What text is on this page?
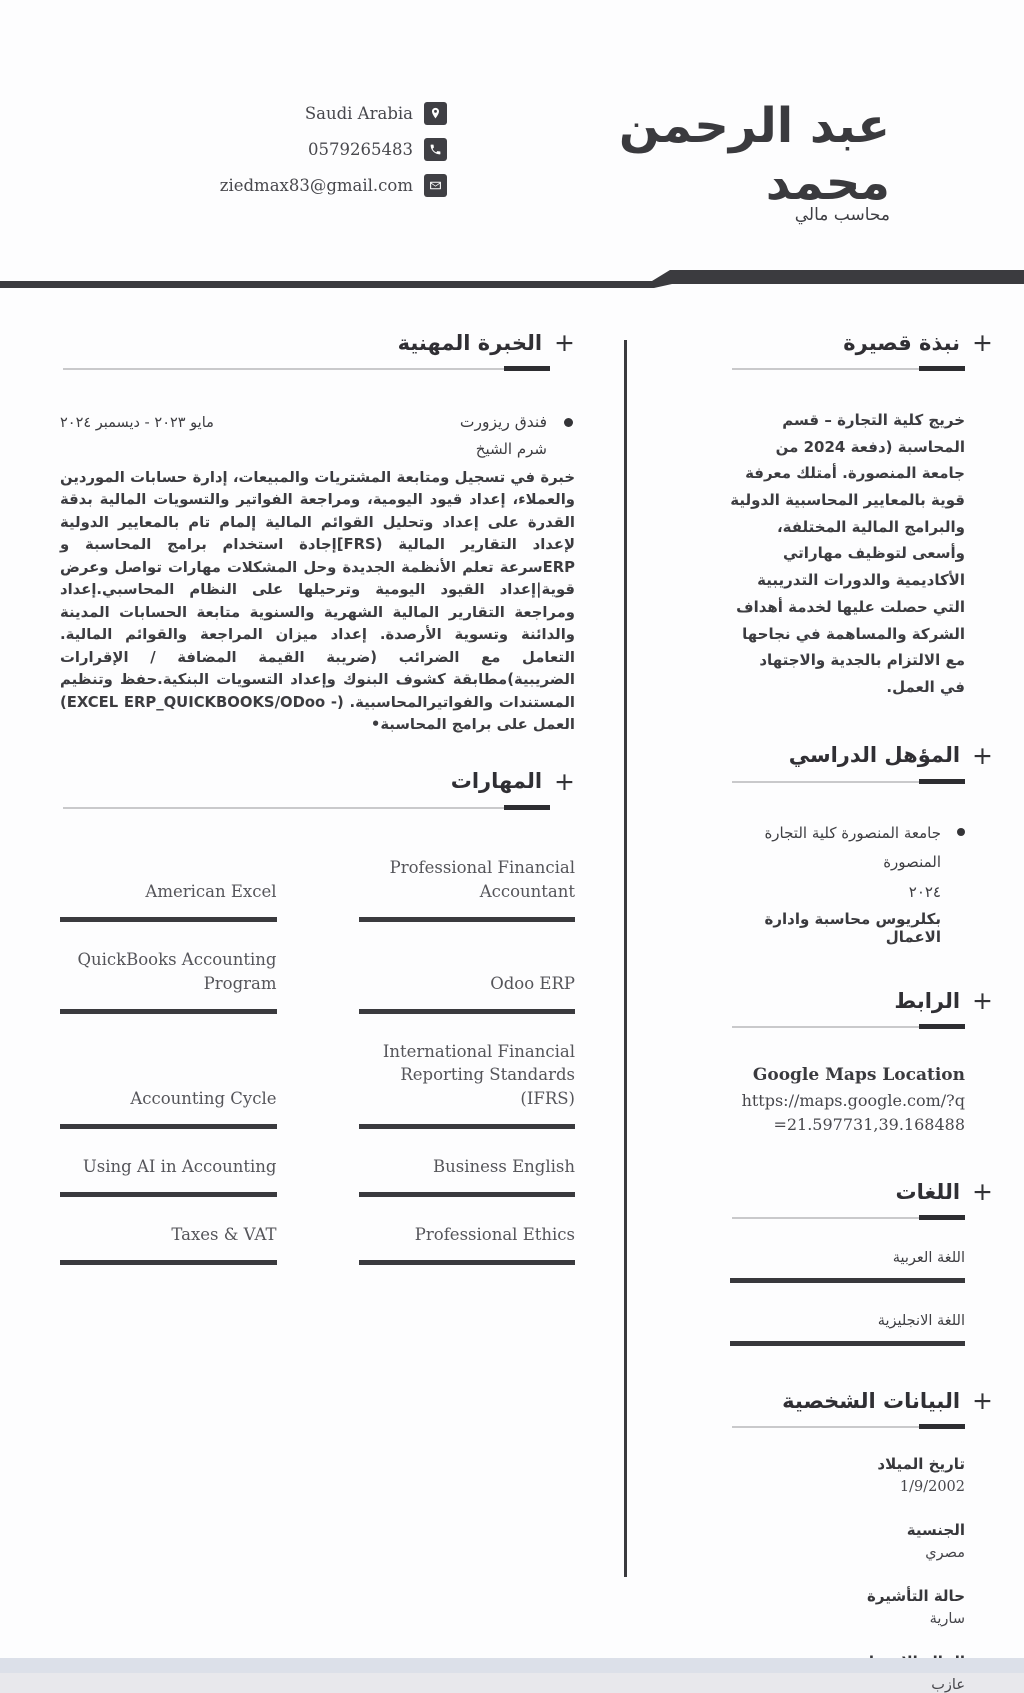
عبد الرحمن محمد
محاسب مالي
Saudi Arabia
0579265483
ziedmax83@gmail.com
+
الخبرة المهنية
فندق ريزورت
مايو ٢٠٢٣ - ديسمبر ٢٠٢٤
شرم الشيخ

خبرة في تسجيل ومتابعة المشتريات والمبيعات، إدارة حسابات الموردين والعملاء، إعداد قيود اليومية، ومراجعة الفواتير والتسويات المالية بدقة القدرة على إعداد وتحليل القوائم المالية إلمام تام بالمعايير الدولية لإعداد التقارير المالية (FRS]إجادة استخدام برامج المحاسبة و ERPسرعة تعلم الأنظمة الجديدة وحل المشكلات مهارات تواصل وعرض قوية|إعداد القيود اليومية وترحيلها على النظام المحاسبي.إعداد ومراجعة التقارير المالية الشهرية والسنوية متابعة الحسابات المدينة والدائنة وتسوية الأرصدة. إعداد ميزان المراجعة والقوائم المالية. التعامل مع الضرائب (ضريبة القيمة المضافة / الإقرارات الضريبية)مطابقة كشوف البنوك وإعداد التسويات البنكية.حفظ وتنظيم المستندات والفواتيرالمحاسبية. (- EXCEL ERP_QUICKBOOKS/ODoo) العمل على برامج المحاسبة•

+
المهارات
Professional Financial Accountant
American Excel
Odoo ERP
QuickBooks Accounting Program
International Financial Reporting Standards (IFRS)
Accounting Cycle
Business English
Using AI in Accounting
Professional Ethics
Taxes & VAT
+
نبذة قصيرة

خريج كلية التجارة – قسم المحاسبة (دفعة 2024 من جامعة المنصورة. أمتلك معرفة قوية بالمعايير المحاسبية الدولية والبرامج المالية المختلفة، وأسعى لتوظيف مهاراتي الأكاديمية والدورات التدريبية التي حصلت عليها لخدمة أهداف الشركة والمساهمة في نجاحها مع الالتزام بالجدية والاجتهاد في العمل.

+
المؤهل الدراسي
جامعة المنصورة كلية التجارة
المنصورة
٢٠٢٤
بكلريوس محاسبة وادارة الاعمال
+
الرابط
Google Maps Location
https://maps.google.com/?q=21.597731,39.168488
+
اللغات
اللغة العربية
اللغة الانجليزية
+
البيانات الشخصية
تاريخ الميلاد
1/9/2002
الجنسية
مصري
حالة التأشيرة
سارية
عازب
